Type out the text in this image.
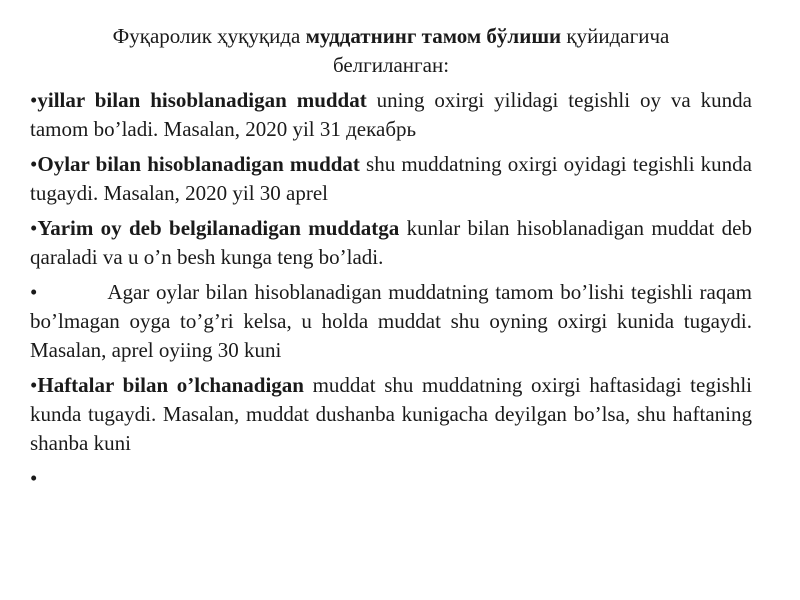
Фуқаролик ҳуқуқида муддатнинг тамом бўлиши қуйидагича
белгиланган:

•yillar bilan hisoblanadigan muddat uning oxirgi yilidagi tegishli oy va kunda tamom bo’ladi. Masalan, 2020 yil 31 декабрь
•Oylar bilan hisoblanadigan muddat shu muddatning oxirgi oyidagi tegishli kunda tugaydi. Masalan, 2020 yil 30 aprel
•Yarim oy deb belgilanadigan muddatga kunlar bilan hisoblanadigan muddat deb qaraladi va u o’n besh kunga teng bo’ladi.
•	Agar oylar bilan hisoblanadigan muddatning tamom bo’lishi tegishli raqam bo’lmagan oyga to’g’ri kelsa, u holda muddat shu oyning oxirgi kunida tugaydi. Masalan, aprel oyiing 30 kuni
•Haftalar bilan o’lchanadigan muddat shu muddatning oxirgi haftasidagi tegishli kunda tugaydi. Masalan, muddat dushanba kunigacha deyilgan bo’lsa, shu haftaning shanba kuni
•
